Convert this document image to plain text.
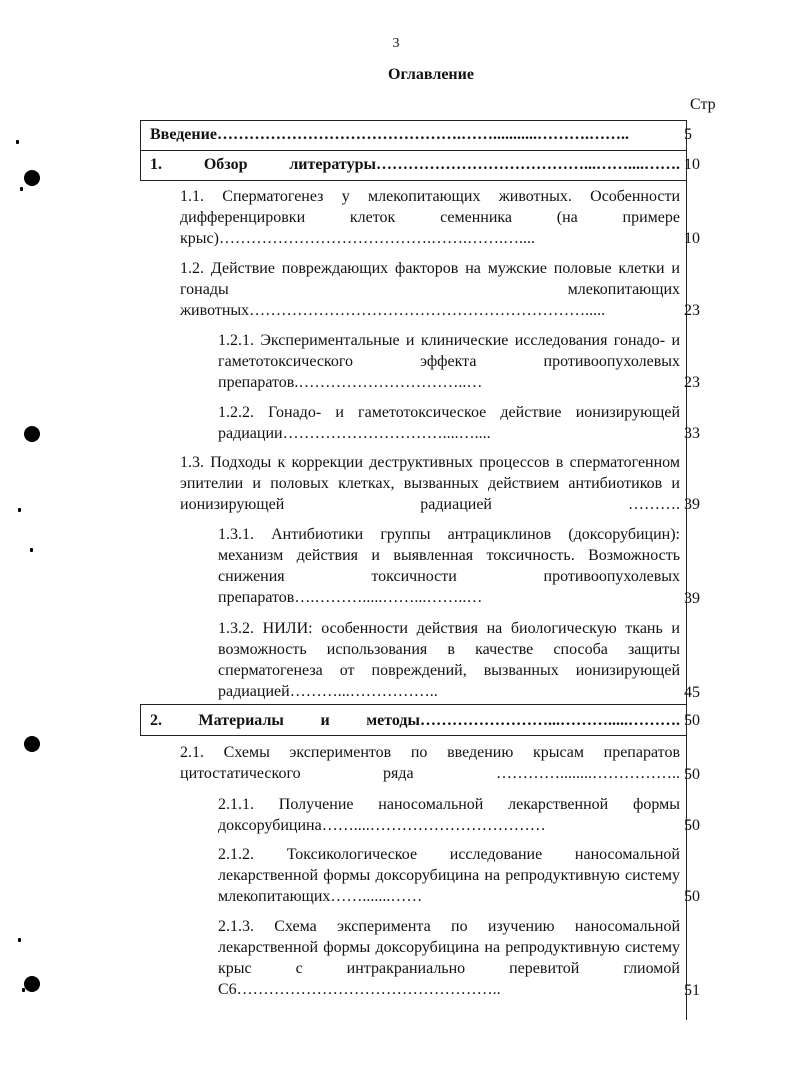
3
Оглавление
Стр
Введение……………………………………….……...........……….……..
1. Обзор литературы…………………………………...……....…….
1.1. Сперматогенез у млекопитающих животных. Особенности дифференцировки клеток семенника (на примере крыс)………………………………….…….…….…....
1.2. Действие повреждающих факторов на мужские половые клетки и гонады млекопитающих животных……………………………………………………….....
1.2.1. Экспериментальные и клинические исследования гонадо- и гаметотоксического эффекта противоопухолевых препаратов.…………………………..…
1.2.2. Гонадо- и гаметотоксическое действие ионизирующей радиации…………………………....…....
1.3. Подходы к коррекции деструктивных процессов в сперматогенном эпителии и половых клетках, вызванных действием антибиотиков и ионизирующей радиацией ……….
1.3.1. Антибиотики группы антрациклинов (доксорубицин): механизм действия и выявленная токсичность. Возможность снижения токсичности противоопухолевых препаратов….……….....……...……..…
1.3.2. НИЛИ: особенности действия на биологическую ткань и возможность использования в качестве способа защиты сперматогенеза от повреждений, вызванных ионизирующей радиацией………...……………..
2. Материалы и методы……………………...……….....……….
2.1. Схемы экспериментов по введению крысам препаратов цитостатического ряда …………........……………..
2.1.1. Получение наносомальной лекарственной формы доксорубицина……....……………………………
2.1.2. Токсикологическое исследование наносомальной лекарственной формы доксорубицина на репродуктивную систему млекопитающих…….......……
2.1.3. Схема эксперимента по изучению наносомальной лекарственной формы доксорубицина на репродуктивную систему крыс с интракраниально перевитой глиомой С6…………………………………………..
5
10
10
23
23
33
39
39
45
50
50
50
50
51
